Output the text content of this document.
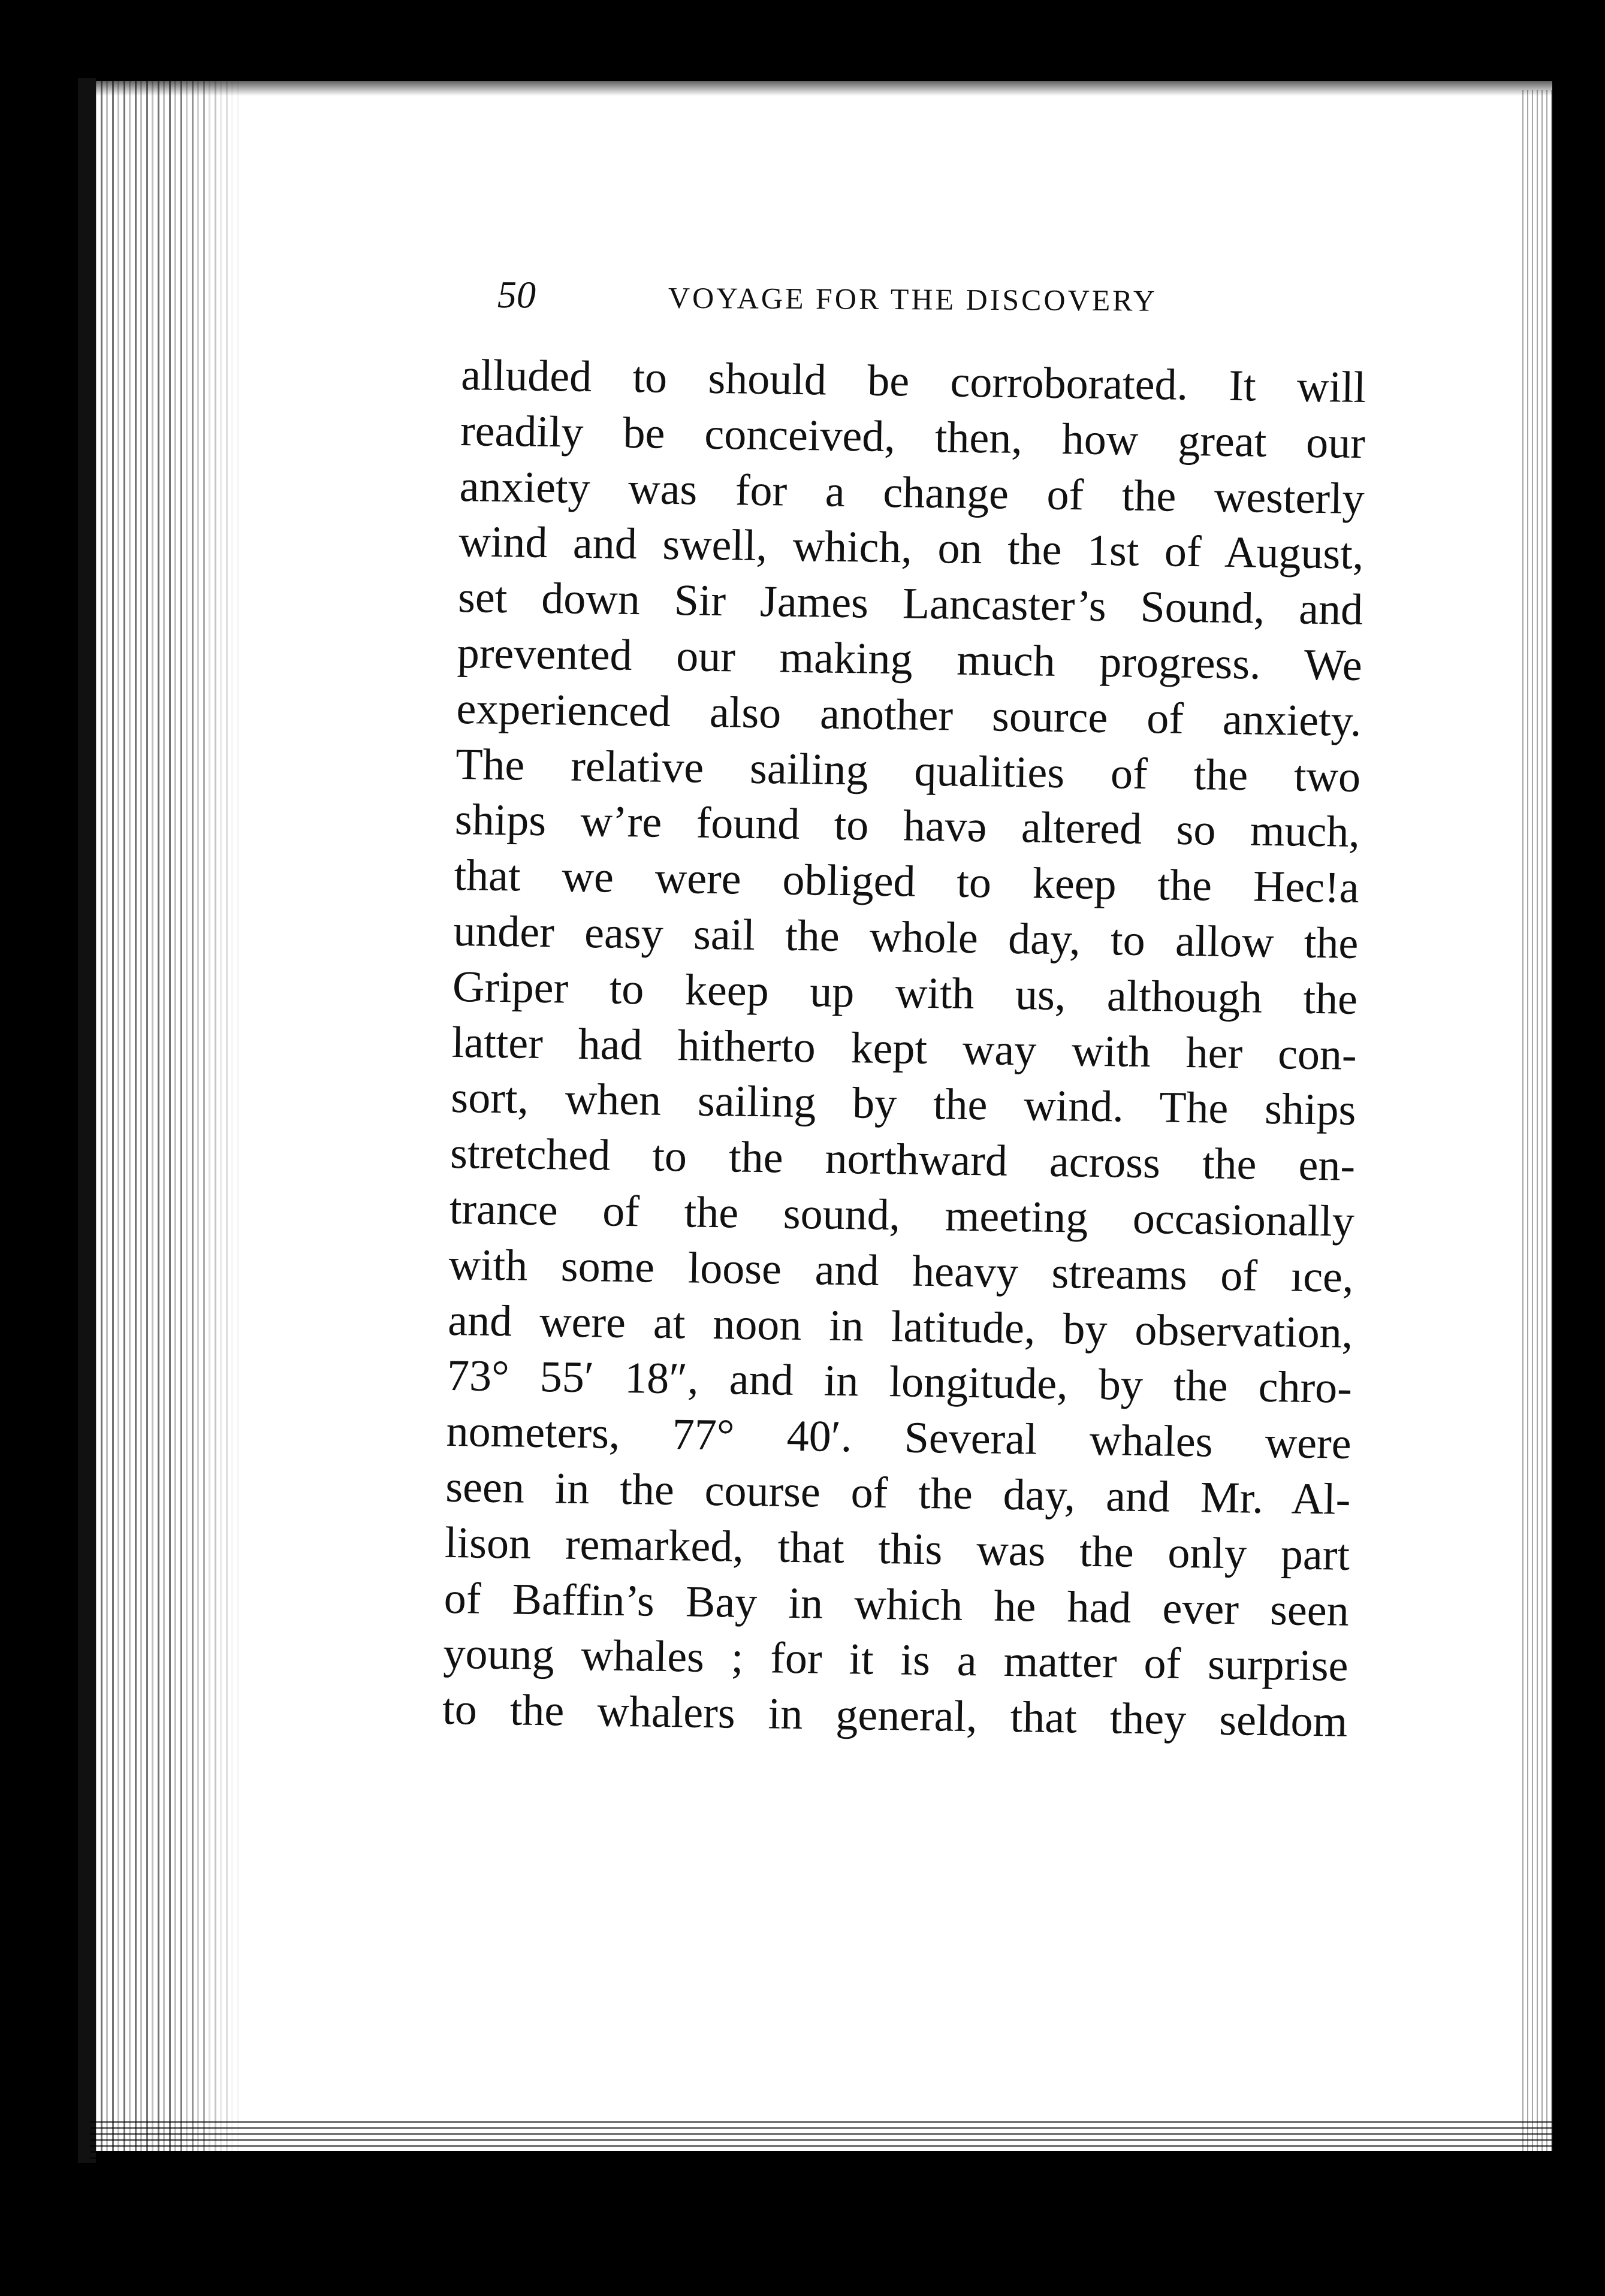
50	VOYAGE FOR THE DISCOVERY
alluded to should be corroborated. It will
readily be conceived, then, how great our
anxiety was for a change of the westerly
wind and swell, which, on the 1st of August,
set down Sir James Lancaster’s Sound, and
prevented our making much progress. We
experienced also another source of anxiety.
The relative sailing qualities of the two
ships w’re found to havə altered so much,
that we were obliged to keep the Hec!a
under easy sail the whole day, to allow the
Griper to keep up with us, although the
latter had hitherto kept way with her con-
sort, when sailing by the wind. The ships
stretched to the northward across the en-
trance of the sound, meeting occasionally
with some loose and heavy streams of ıce,
and were at noon in latitude, by observation,
73° 55′ 18″, and in longitude, by the chro-
nometers, 77° 40′. Several whales were
seen in the course of the day, and Mr. Al-
lison remarked, that this was the only part
of Baffin’s Bay in which he had ever seen
young whales ; for it is a matter of surprise
to the whalers in general, that they seldom
